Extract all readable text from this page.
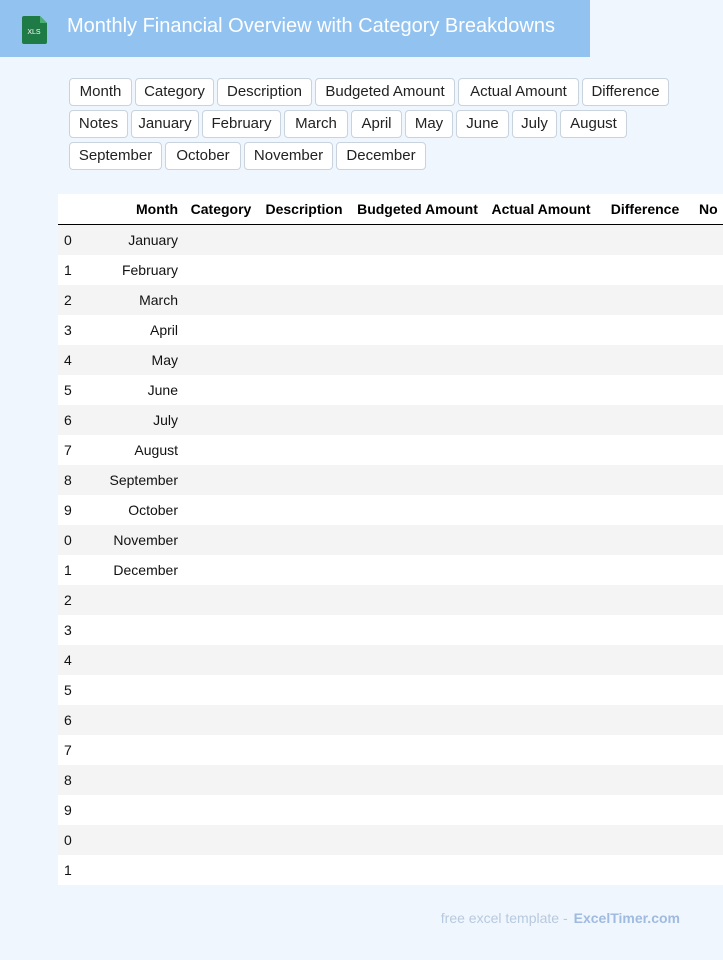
XLS Monthly Financial Overview with Category Breakdowns
Month	Category	Description	Budgeted Amount	Actual Amount	Difference
Notes	January	February	March	April	May	June	July	August
September	October	November	December
	Month	Category	Description	Budgeted Amount	Actual Amount	Difference	No
0	January						
1	February						
2	March						
3	April						
4	May						
5	June						
6	July						
7	August						
8	September						
9	October						
0	November						
1	December						
2							
3							
4							
5							
6							
7							
8							
9							
0							
1							
free excel template - ExcelTimer.com
